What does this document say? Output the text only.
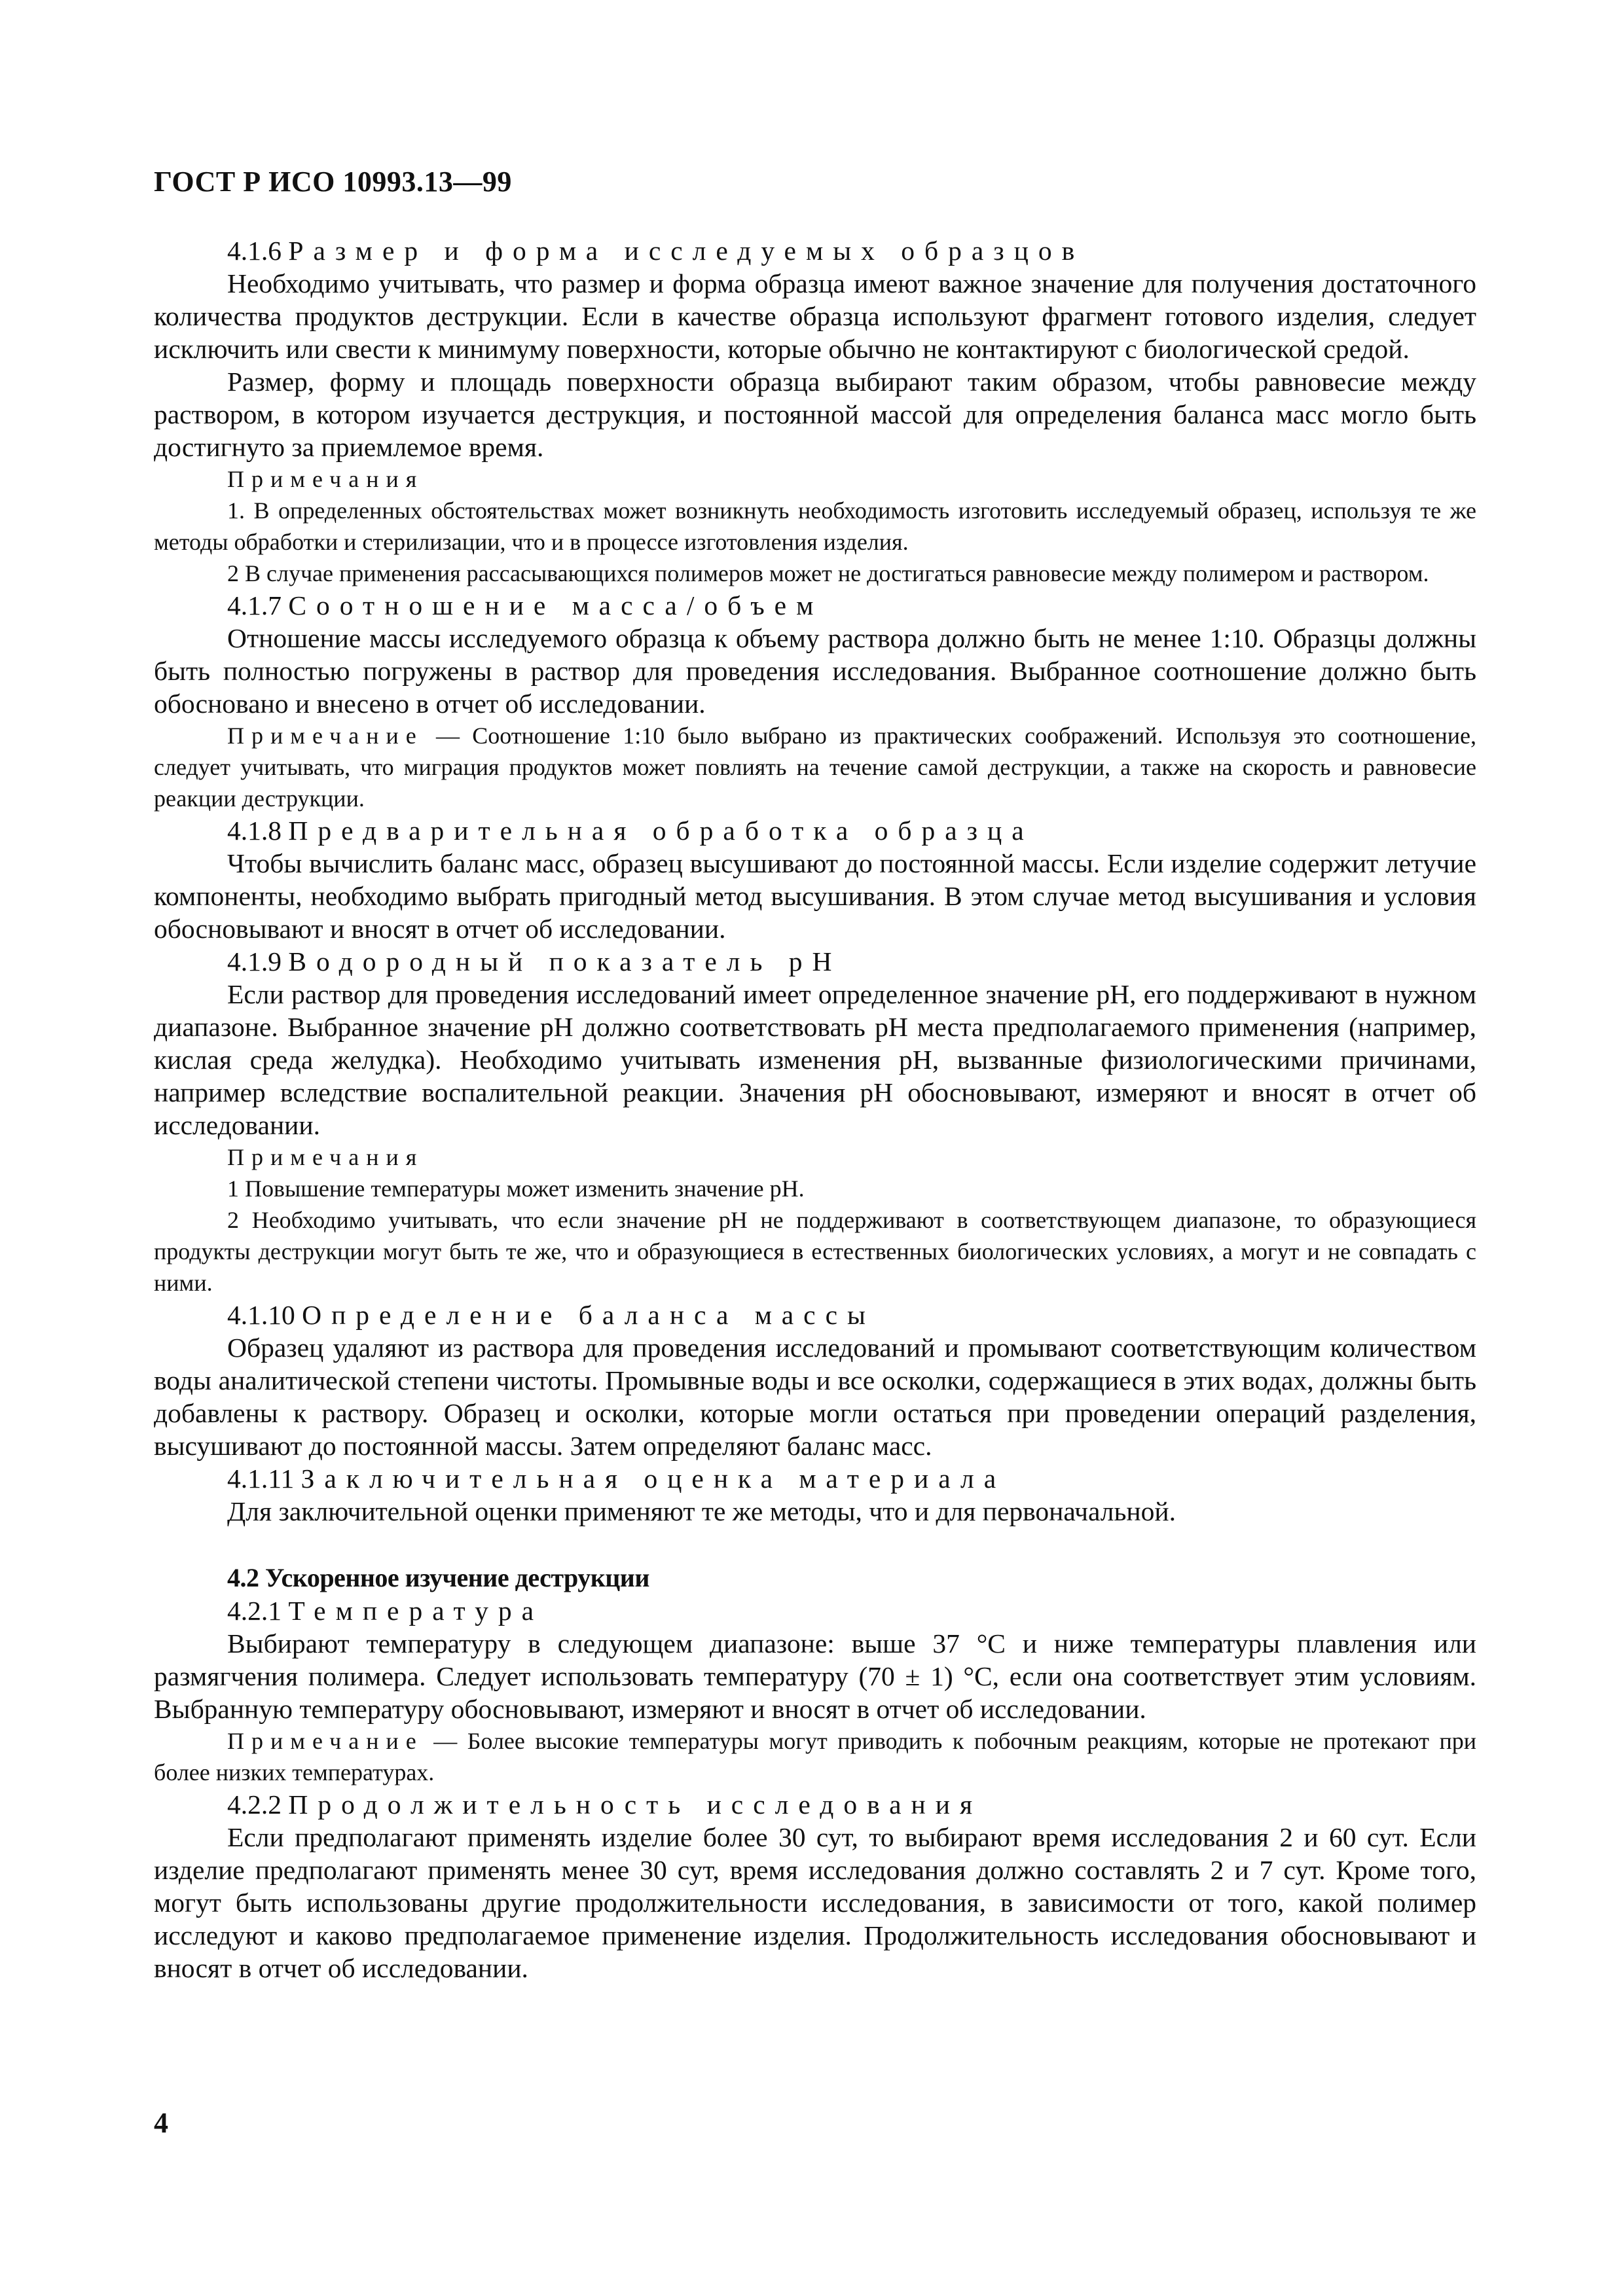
ГОСТ Р ИСО 10993.13—99

4.1.6 Размер и форма исследуемых образцов

Необходимо учитывать, что размер и форма образца имеют важное значение для получения достаточного количества продуктов деструкции. Если в качестве образца используют фрагмент готового изделия, следует исключить или свести к минимуму поверхности, которые обычно не контактируют с биологической средой.

Размер, форму и площадь поверхности образца выбирают таким образом, чтобы равновесие между раствором, в котором изучается деструкция, и постоянной массой для определения баланса масс могло быть достигнуто за приемлемое время.

Примечания

1. В определенных обстоятельствах может возникнуть необходимость изготовить исследуемый образец, используя те же методы обработки и стерилизации, что и в процессе изготовления изделия.

2 В случае применения рассасывающихся полимеров может не достигаться равновесие между полимером и раствором.

4.1.7 Соотношение масса/объем

Отношение массы исследуемого образца к объему раствора должно быть не менее 1:10. Образцы должны быть полностью погружены в раствор для проведения исследования. Выбранное соотношение должно быть обосновано и внесено в отчет об исследовании.

Примечание — Соотношение 1:10 было выбрано из практических соображений. Используя это соотношение, следует учитывать, что миграция продуктов может повлиять на течение самой деструкции, а также на скорость и равновесие реакции деструкции.

4.1.8 Предварительная обработка образца

Чтобы вычислить баланс масс, образец высушивают до постоянной массы. Если изделие содержит летучие компоненты, необходимо выбрать пригодный метод высушивания. В этом случае метод высушивания и условия обосновывают и вносят в отчет об исследовании.

4.1.9 Водородный показатель рН

Если раствор для проведения исследований имеет определенное значение рН, его поддерживают в нужном диапазоне. Выбранное значение рН должно соответствовать рН места предполагаемого применения (например, кислая среда желудка). Необходимо учитывать изменения рН, вызванные физиологическими причинами, например вследствие воспалительной реакции. Значения рН обосновывают, измеряют и вносят в отчет об исследовании.

Примечания

1 Повышение температуры может изменить значение рН.

2 Необходимо учитывать, что если значение рН не поддерживают в соответствующем диапазоне, то образующиеся продукты деструкции могут быть те же, что и образующиеся в естественных биологических условиях, а могут и не совпадать с ними.

4.1.10 Определение баланса массы

Образец удаляют из раствора для проведения исследований и промывают соответствующим количеством воды аналитической степени чистоты. Промывные воды и все осколки, содержащиеся в этих водах, должны быть добавлены к раствору. Образец и осколки, которые могли остаться при проведении операций разделения, высушивают до постоянной массы. Затем определяют баланс масс.

4.1.11 Заключительная оценка материала

Для заключительной оценки применяют те же методы, что и для первоначальной.

4.2 Ускоренное изучение деструкции

4.2.1 Температура

Выбирают температуру в следующем диапазоне: выше 37 °С и ниже температуры плавления или размягчения полимера. Следует использовать температуру (70 ± 1) °С, если она соответствует этим условиям. Выбранную температуру обосновывают, измеряют и вносят в отчет об исследовании.

Примечание — Более высокие температуры могут приводить к побочным реакциям, которые не протекают при более низких температурах.

4.2.2 Продолжительность исследования

Если предполагают применять изделие более 30 сут, то выбирают время исследования 2 и 60 сут. Если изделие предполагают применять менее 30 сут, время исследования должно составлять 2 и 7 сут. Кроме того, могут быть использованы другие продолжительности исследования, в зависимости от того, какой полимер исследуют и каково предполагаемое применение изделия. Продолжительность исследования обосновывают и вносят в отчет об исследовании.

4
